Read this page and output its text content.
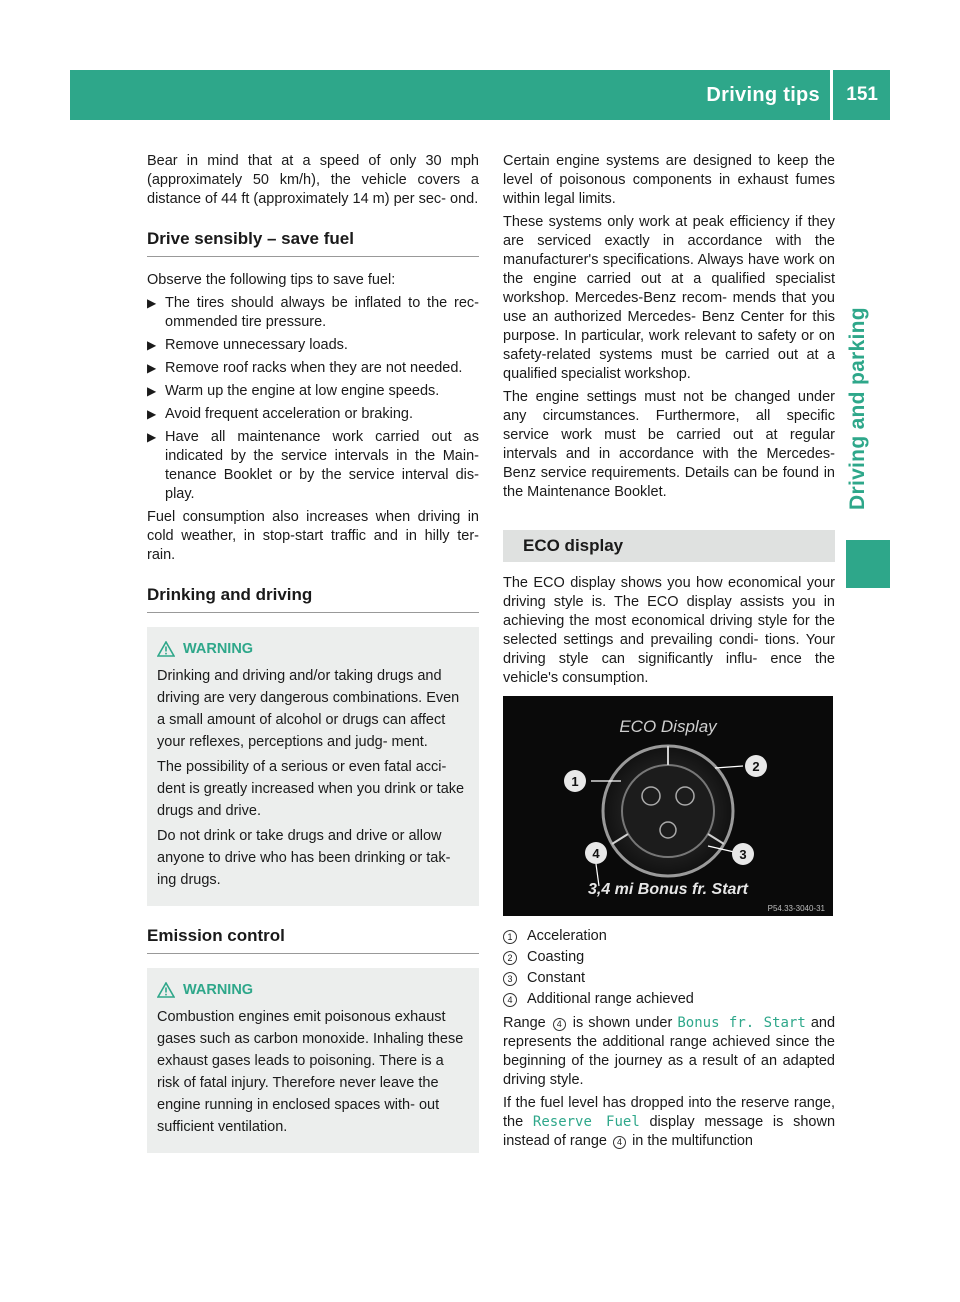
Driving tips 151
Driving and parking

Bear in mind that at a speed of only 30 mph (approximately 50 km/h), the vehicle covers a distance of 44 ft (approximately 14 m) per sec- ond.

Drive sensibly – save fuel

Observe the following tips to save fuel:

▶ The tires should always be inflated to the rec- ommended tire pressure.
▶ Remove unnecessary loads.
▶ Remove roof racks when they are not needed.
▶ Warm up the engine at low engine speeds.
▶ Avoid frequent acceleration or braking.
▶ Have all maintenance work carried out as indicated by the service intervals in the Main- tenance Booklet or by the service interval dis- play.

Fuel consumption also increases when driving in cold weather, in stop-start traffic and in hilly ter- rain.

Drinking and driving
WARNING

Drinking and driving and/or taking drugs and driving are very dangerous combinations. Even a small amount of alcohol or drugs can affect your reflexes, perceptions and judg- ment.

The possibility of a serious or even fatal acci- dent is greatly increased when you drink or take drugs and drive.

Do not drink or take drugs and drive or allow anyone to drive who has been drinking or tak- ing drugs.

Emission control
WARNING

Combustion engines emit poisonous exhaust gases such as carbon monoxide. Inhaling these exhaust gases leads to poisoning. There is a risk of fatal injury. Therefore never leave the engine running in enclosed spaces with- out sufficient ventilation.

Certain engine systems are designed to keep the level of poisonous components in exhaust fumes within legal limits.

These systems only work at peak efficiency if they are serviced exactly in accordance with the manufacturer's specifications. Always have work on the engine carried out at a qualified specialist workshop. Mercedes-Benz recom- mends that you use an authorized Mercedes- Benz Center for this purpose. In particular, work relevant to safety or on safety-related systems must be carried out at a qualified specialist workshop.

The engine settings must not be changed under any circumstances. Furthermore, all specific service work must be carried out at regular intervals and in accordance with the Mercedes- Benz service requirements. Details can be found in the Maintenance Booklet.

ECO display

The ECO display shows you how economical your driving style is. The ECO display assists you in achieving the most economical driving style for the selected settings and prevailing condi- tions. Your driving style can significantly influ- ence the vehicle's consumption.

ECO Display
1
2
3
4
3,4 mi Bonus fr. Start
P54.33-3040-31
1	Acceleration
2	Coasting
3	Constant
4	Additional range achieved

Range 4 is shown under Bonus fr. Start and represents the additional range achieved since the beginning of the journey as a result of an adapted driving style.

If the fuel level has dropped into the reserve range, the Reserve Fuel display message is shown instead of range 4 in the multifunction
